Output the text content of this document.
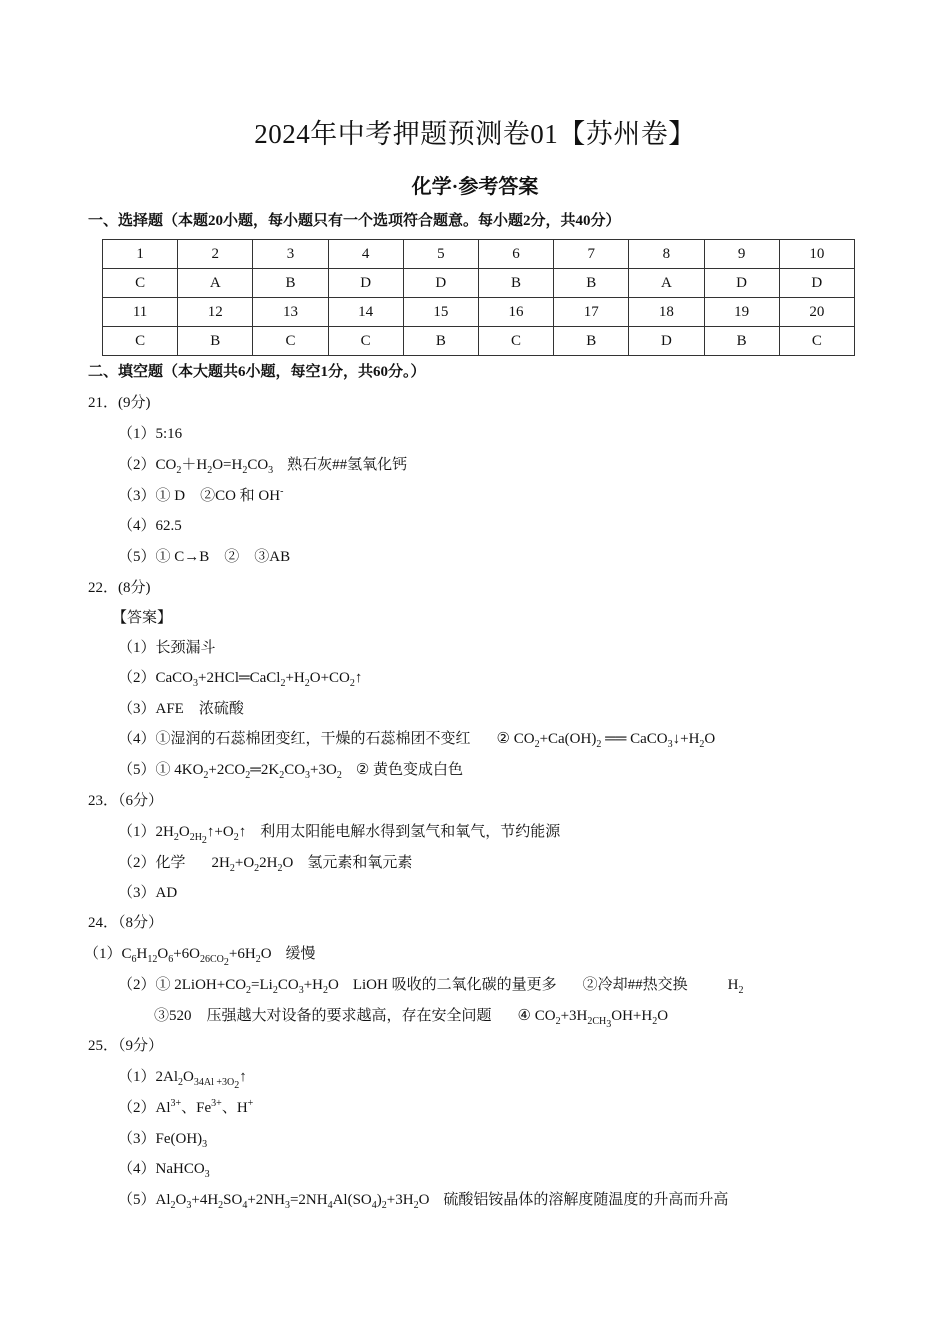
2024年中考押题预测卷01【苏州卷】
化学·参考答案
一、选择题（本题20小题，每小题只有一个选项符合题意。每小题2分，共40分）
1	2	3	4	5	6	7	8	9	10
C	A	B	D	D	B	B	A	D	D
11	12	13	14	15	16	17	18	19	20
C	B	C	C	B	C	B	D	B	C
二、填空题（本大题共6小题，每空1分，共60分。）
21．(9分)
（1）5:16
$(2)CO_2+H_2O=H_2CO_3$ 熟石灰##氢氧化钙
（3）① D　②CO 和 OH-
（4）62.5
（5）① C→B　②　③AB
22．(8分)
【答案】
（1）长颈漏斗
$(2)CaCO_3+2HCl═CaCl_2+H_2O+CO_2↑$
（3）AFE　浓硫酸
（4）①湿润的石蕊棉团变红，干燥的石蕊棉团不变红 ② $CO_2+Ca(OH)_2$ ══ $CaCO_3↓+H_2O$
（5）① $4KO_2+2CO_2═2K_2CO_3+3O_2$ ② 黄色变成白色
23．（6分）
$(1)2H_2O_{2H_2}↑+O_2↑$ 利用太阳能电解水得到氢气和氧气，节约能源
（2）化学 $2H_2+O_22H_2O$ 氢元素和氧元素
（3）AD
24．（8分）
$(1)C_6H_{12}O_6+6O_{26CO_2}+6H_2O$ 缓慢
（2）① $2LiOH+CO_2=Li_2CO_3+H_2O$ LiOH 吸收的二氧化碳的量更多 ②冷却##热交换	$H_2$
③520　压强越大对设备的要求越高，存在安全问题 ④ $CO_2+3H_{2CH_3}OH+H_2O$
25．（9分）
$(1)2Al_2O_{34Al +3O_2}↑$
$(2)Al^{3+}$、$Fe^{3+}$、H+
$(3)Fe(OH)_3$
（4）NaHCO$_3$
$(5)Al_2O_3+4H_2SO_4+2NH_3=2NH_4Al(SO_4)_2+3H_2O$ 硫酸铝铵晶体的溶解度随温度的升高而升高
